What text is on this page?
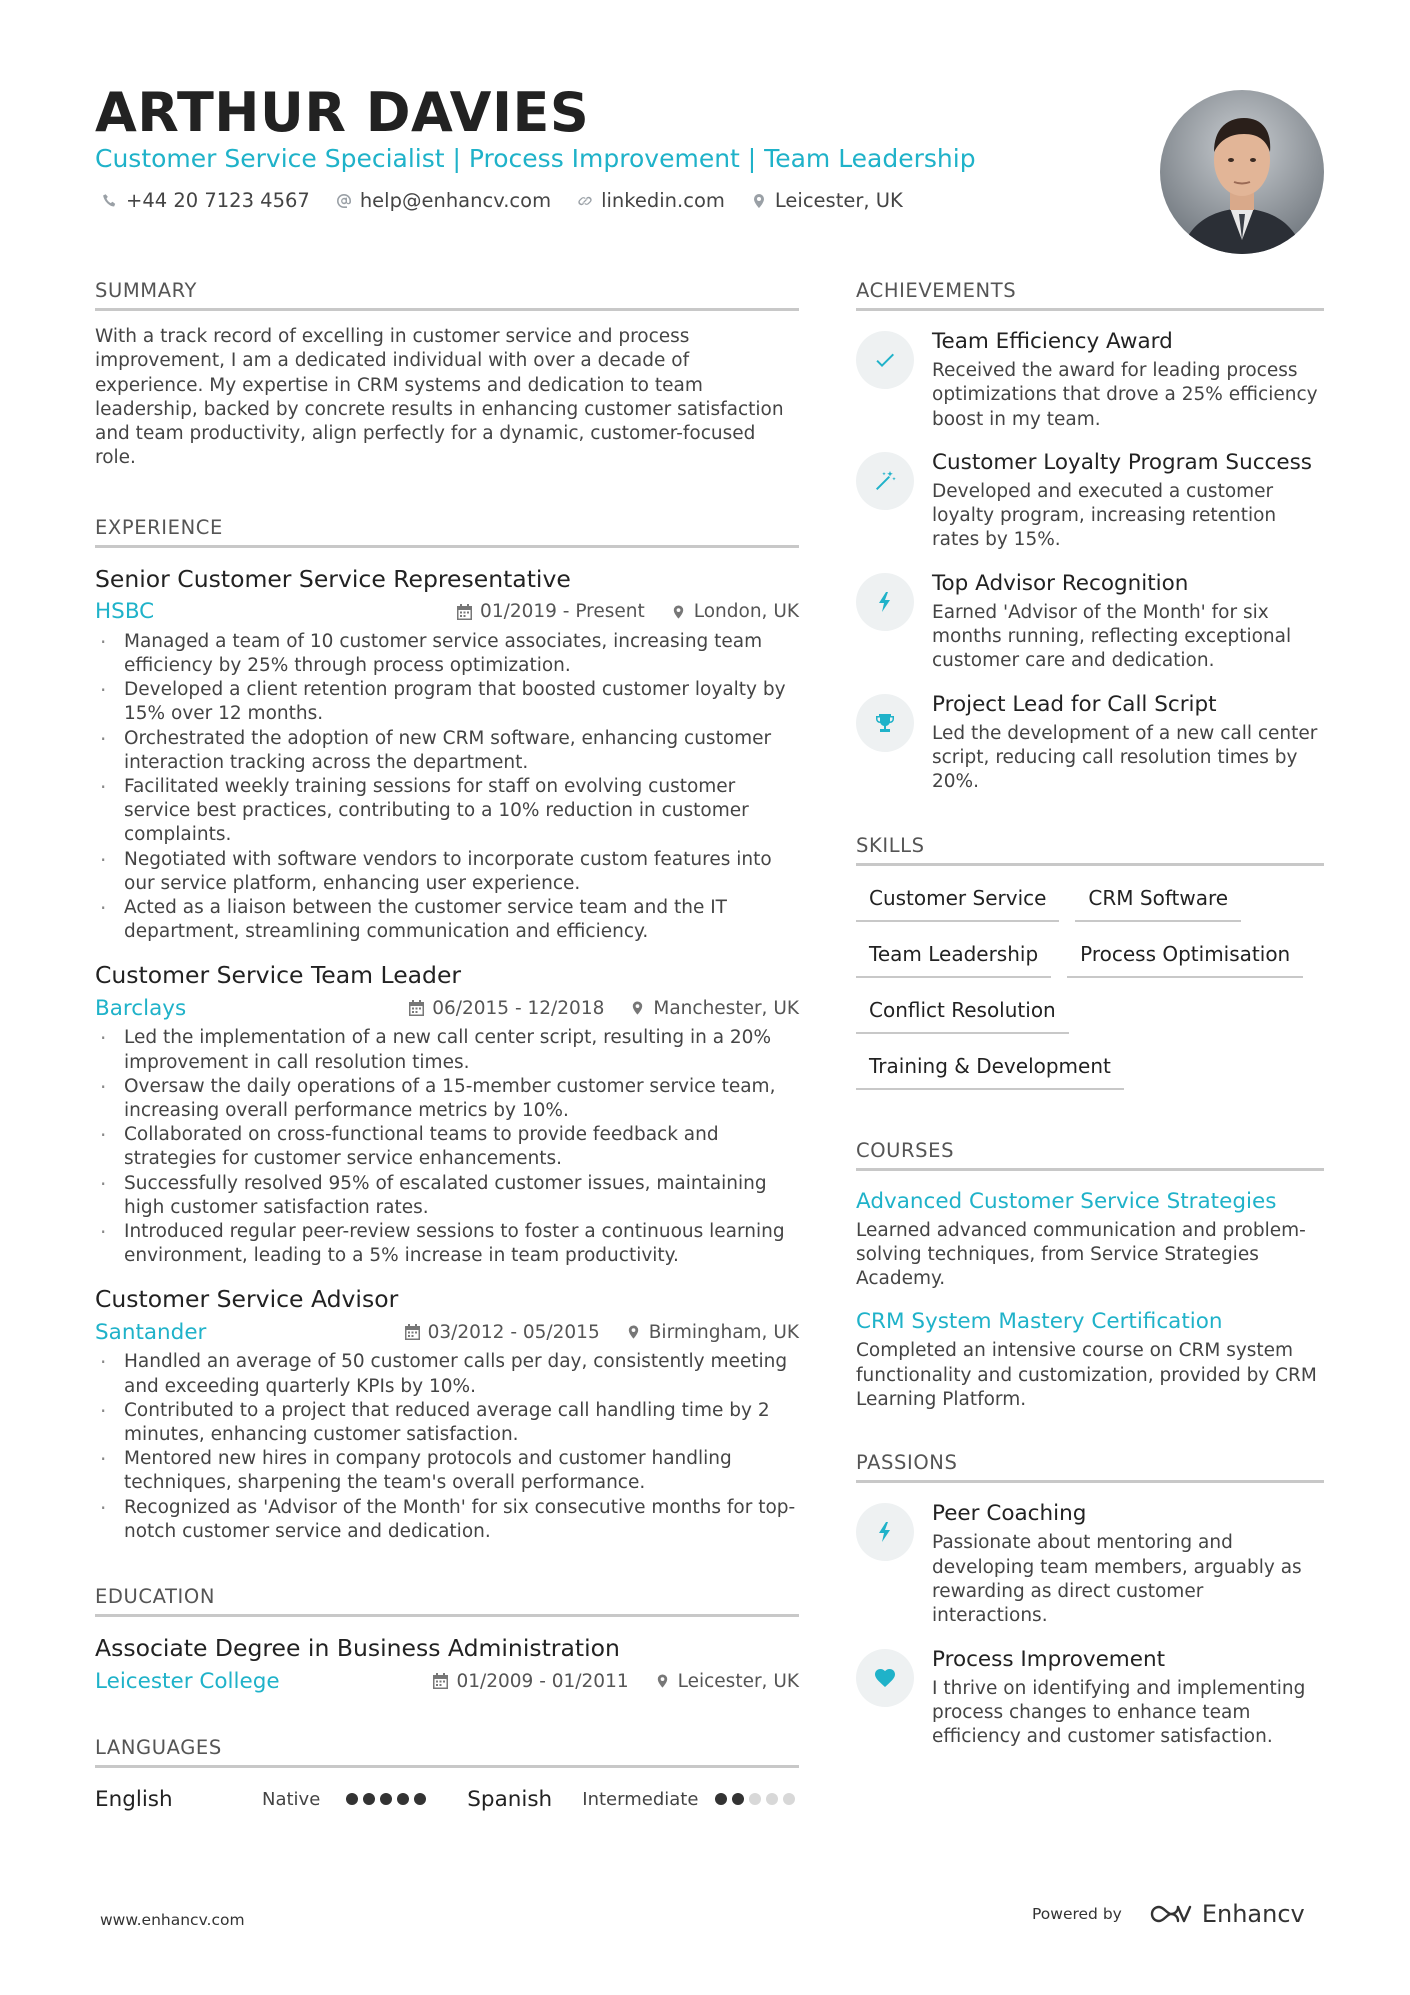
ARTHUR DAVIES
Customer Service Specialist | Process Improvement | Team Leadership
+44 20 7123 4567	help@enhancv.com	linkedin.com	Leicester, UK
SUMMARY
With a track record of excelling in customer service and process improvement, I am a dedicated individual with over a decade of experience. My expertise in CRM systems and dedication to team leadership, backed by concrete results in enhancing customer satisfaction and team productivity, align perfectly for a dynamic, customer-focused role.
EXPERIENCE
Senior Customer Service Representative
HSBC	01/2019 - Present	London, UK
· Managed a team of 10 customer service associates, increasing team efficiency by 25% through process optimization.
· Developed a client retention program that boosted customer loyalty by 15% over 12 months.
· Orchestrated the adoption of new CRM software, enhancing customer interaction tracking across the department.
· Facilitated weekly training sessions for staff on evolving customer service best practices, contributing to a 10% reduction in customer complaints.
· Negotiated with software vendors to incorporate custom features into our service platform, enhancing user experience.
· Acted as a liaison between the customer service team and the IT department, streamlining communication and efficiency.
Customer Service Team Leader
Barclays	06/2015 - 12/2018	Manchester, UK
· Led the implementation of a new call center script, resulting in a 20% improvement in call resolution times.
· Oversaw the daily operations of a 15-member customer service team, increasing overall performance metrics by 10%.
· Collaborated on cross-functional teams to provide feedback and strategies for customer service enhancements.
· Successfully resolved 95% of escalated customer issues, maintaining high customer satisfaction rates.
· Introduced regular peer-review sessions to foster a continuous learning environment, leading to a 5% increase in team productivity.
Customer Service Advisor
Santander	03/2012 - 05/2015	Birmingham, UK
· Handled an average of 50 customer calls per day, consistently meeting and exceeding quarterly KPIs by 10%.
· Contributed to a project that reduced average call handling time by 2 minutes, enhancing customer satisfaction.
· Mentored new hires in company protocols and customer handling techniques, sharpening the team's overall performance.
· Recognized as 'Advisor of the Month' for six consecutive months for top-notch customer service and dedication.
EDUCATION
Associate Degree in Business Administration
Leicester College	01/2009 - 01/2011	Leicester, UK
LANGUAGES
English	Native	Spanish	Intermediate
ACHIEVEMENTS
Team Efficiency Award
Received the award for leading process optimizations that drove a 25% efficiency boost in my team.
Customer Loyalty Program Success
Developed and executed a customer loyalty program, increasing retention rates by 15%.
Top Advisor Recognition
Earned 'Advisor of the Month' for six months running, reflecting exceptional customer care and dedication.
Project Lead for Call Script
Led the development of a new call center script, reducing call resolution times by 20%.
SKILLS
Customer Service	CRM Software
Team Leadership	Process Optimisation
Conflict Resolution
Training & Development
COURSES
Advanced Customer Service Strategies
Learned advanced communication and problem-solving techniques, from Service Strategies Academy.
CRM System Mastery Certification
Completed an intensive course on CRM system functionality and customization, provided by CRM Learning Platform.
PASSIONS
Peer Coaching
Passionate about mentoring and developing team members, arguably as rewarding as direct customer interactions.
Process Improvement
I thrive on identifying and implementing process changes to enhance team efficiency and customer satisfaction.
www.enhancv.com	Powered by	Enhancv
